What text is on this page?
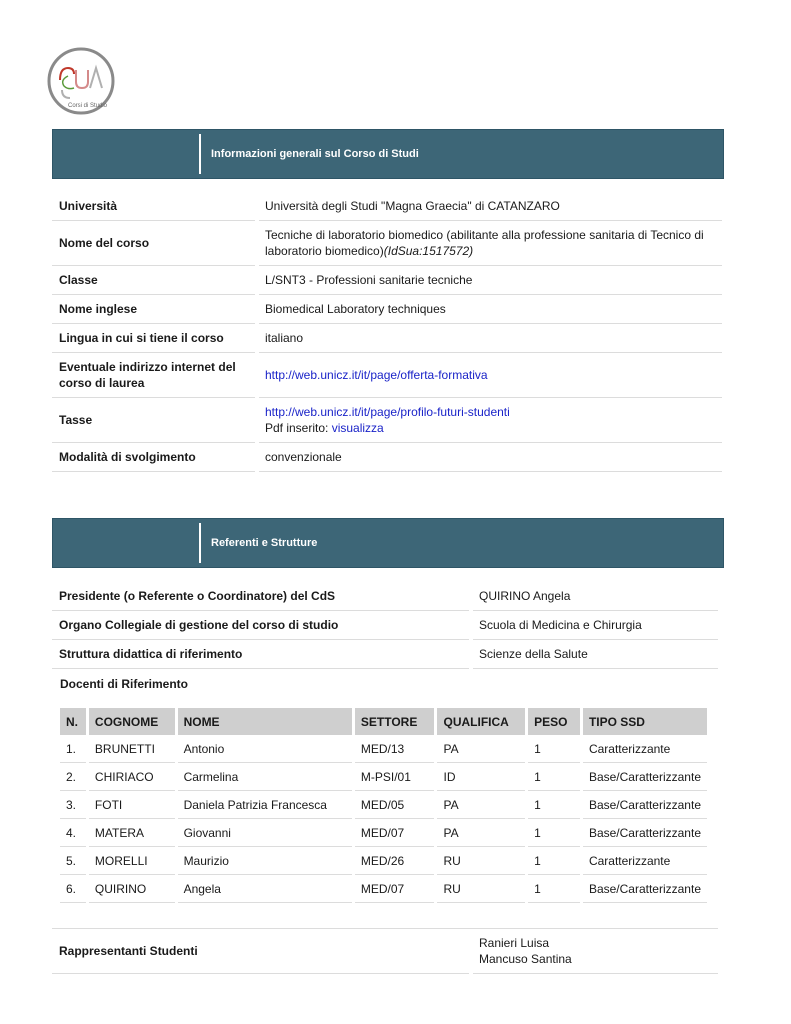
Corsi di Studio
Informazioni generali sul Corso di Studi
Università		Università degli Studi "Magna Graecia" di CATANZARO
Nome del corso		Tecniche di laboratorio biomedico (abilitante alla professione sanitaria di Tecnico di laboratorio biomedico)(IdSua:1517572)
Classe		L/SNT3 - Professioni sanitarie tecniche
Nome inglese		Biomedical Laboratory techniques
Lingua in cui si tiene il corso		italiano
Eventuale indirizzo internet del corso di laurea		http://web.unicz.it/it/page/offerta-formativa
Tasse		http://web.unicz.it/it/page/profilo-futuri-studenti
Pdf inserito: visualizza
Modalità di svolgimento		convenzionale
Referenti e Strutture
Presidente (o Referente o Coordinatore) del CdS		QUIRINO Angela
Organo Collegiale di gestione del corso di studio		Scuola di Medicina e Chirurgia
Struttura didattica di riferimento		Scienze della Salute
Docenti di Riferimento
N.	COGNOME	NOME	SETTORE	QUALIFICA	PESO	TIPO SSD
1.	BRUNETTI	Antonio	MED/13	PA	1	Caratterizzante
2.	CHIRIACO	Carmelina	M-PSI/01	ID	1	Base/Caratterizzante
3.	FOTI	Daniela Patrizia Francesca	MED/05	PA	1	Base/Caratterizzante
4.	MATERA	Giovanni	MED/07	PA	1	Base/Caratterizzante
5.	MORELLI	Maurizio	MED/26	RU	1	Caratterizzante
6.	QUIRINO	Angela	MED/07	RU	1	Base/Caratterizzante
Rappresentanti Studenti		Ranieri Luisa
Mancuso Santina
